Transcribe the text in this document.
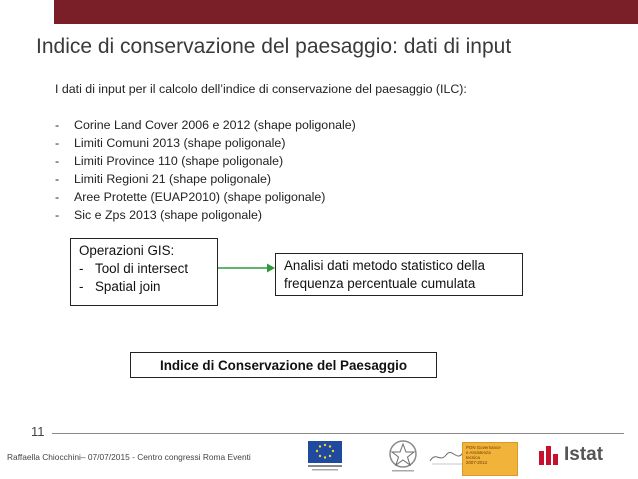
Indice di conservazione del paesaggio: dati di input
I dati di input per il calcolo dell’indice di conservazione del paesaggio (ILC):
- Corine Land Cover 2006 e 2012 (shape poligonale)
- Limiti Comuni 2013 (shape poligonale)
- Limiti Province 110 (shape poligonale)
- Limiti Regioni 21 (shape poligonale)
- Aree Protette (EUAP2010) (shape poligonale)
- Sic e Zps 2013 (shape poligonale)
Operazioni GIS:
- Tool di intersect
- Spatial join
Analisi dati metodo statistico della frequenza percentuale cumulata
Indice di Conservazione del Paesaggio
11
Raffaella Chiocchini– 07/07/2015 - Centro congressi Roma Eventi
PON Governance
e Assistenza
tecnica
2007-2013	Istat
